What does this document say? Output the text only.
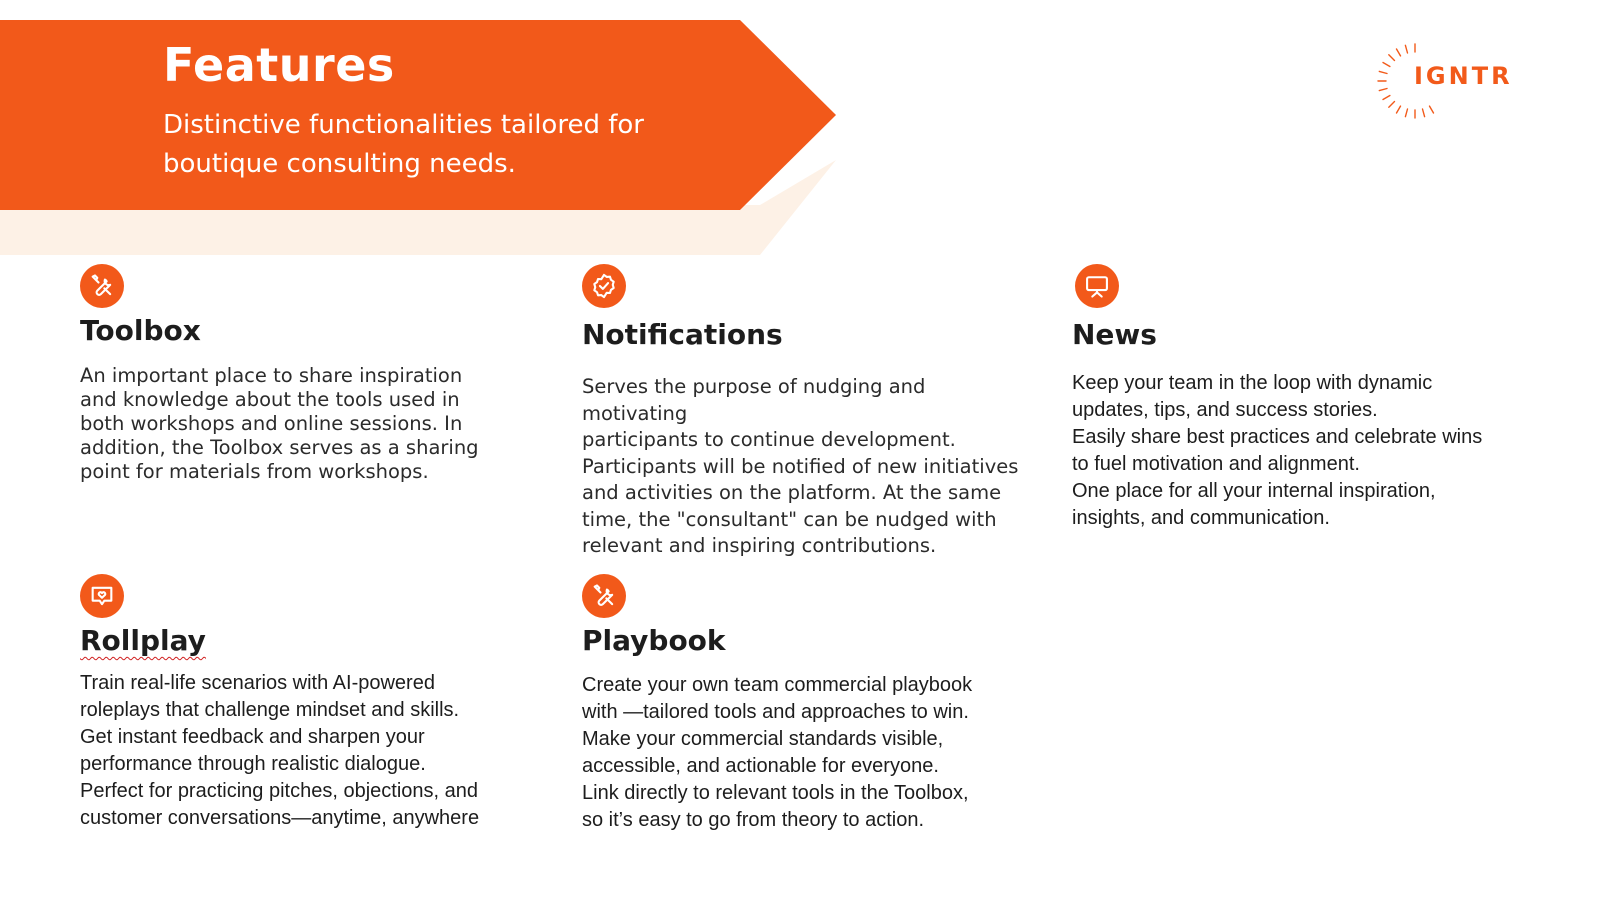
Features
Distinctive functionalities tailored for boutique consulting needs.
IGNTR
Toolbox
An important place to share inspiration
and knowledge about the tools used in
both workshops and online sessions. In
addition, the Toolbox serves as a sharing
point for materials from workshops.
Notifications
Serves the purpose of nudging and motivating
participants to continue development.
Participants will be notified of new initiatives
and activities on the platform. At the same
time, the "consultant" can be nudged with
relevant and inspiring contributions.
News
Keep your team in the loop with dynamic
updates, tips, and success stories.
Easily share best practices and celebrate wins
to fuel motivation and alignment.
One place for all your internal inspiration,
insights, and communication.
Rollplay
Train real-life scenarios with AI-powered
roleplays that challenge mindset and skills.
Get instant feedback and sharpen your
performance through realistic dialogue.
Perfect for practicing pitches, objections, and
customer conversations—anytime, anywhere
Playbook
Create your own team commercial playbook
with —tailored tools and approaches to win.
Make your commercial standards visible,
accessible, and actionable for everyone.
Link directly to relevant tools in the Toolbox,
so it’s easy to go from theory to action.
